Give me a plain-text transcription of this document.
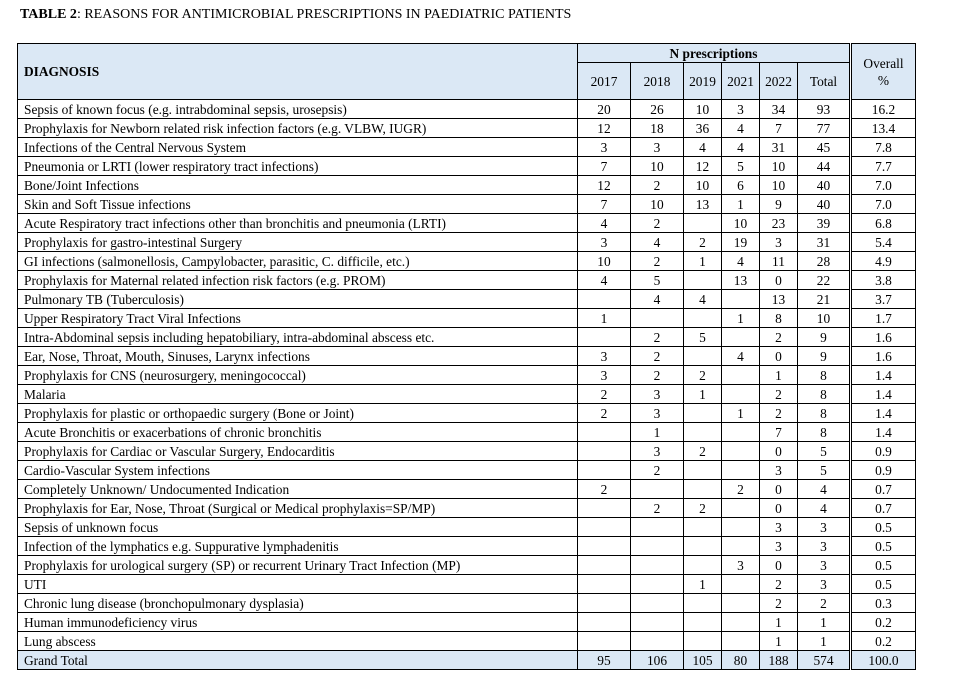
TABLE 2: REASONS FOR ANTIMICROBIAL PRESCRIPTIONS IN PAEDIATRIC PATIENTS
DIAGNOSIS	N prescriptions						Overall %
	2017	2018	2019	2021	2022	Total	
Sepsis of known focus (e.g. intrabdominal sepsis, urosepsis)	20	26	10	3	34	93	16.2
Prophylaxis for Newborn related risk infection factors (e.g. VLBW, IUGR)	12	18	36	4	7	77	13.4
Infections of the Central Nervous System	3	3	4	4	31	45	7.8
Pneumonia or LRTI (lower respiratory tract infections)	7	10	12	5	10	44	7.7
Bone/Joint Infections	12	2	10	6	10	40	7.0
Skin and Soft Tissue infections	7	10	13	1	9	40	7.0
Acute Respiratory tract infections other than bronchitis and pneumonia (LRTI)	4	2		10	23	39	6.8
Prophylaxis for gastro-intestinal Surgery	3	4	2	19	3	31	5.4
GI infections (salmonellosis, Campylobacter, parasitic, C. difficile, etc.)	10	2	1	4	11	28	4.9
Prophylaxis for Maternal related infection risk factors (e.g. PROM)	4	5		13	0	22	3.8
Pulmonary TB (Tuberculosis)		4	4		13	21	3.7
Upper Respiratory Tract Viral Infections	1			1	8	10	1.7
Intra-Abdominal sepsis including hepatobiliary, intra-abdominal abscess etc.		2	5		2	9	1.6
Ear, Nose, Throat, Mouth, Sinuses, Larynx infections	3	2		4	0	9	1.6
Prophylaxis for CNS (neurosurgery, meningococcal)	3	2	2		1	8	1.4
Malaria	2	3	1		2	8	1.4
Prophylaxis for plastic or orthopaedic surgery (Bone or Joint)	2	3		1	2	8	1.4
Acute Bronchitis or exacerbations of chronic bronchitis		1			7	8	1.4
Prophylaxis for Cardiac or Vascular Surgery, Endocarditis		3	2		0	5	0.9
Cardio-Vascular System infections		2			3	5	0.9
Completely Unknown/ Undocumented Indication	2			2	0	4	0.7
Prophylaxis for Ear, Nose, Throat (Surgical or Medical prophylaxis=SP/MP)		2	2		0	4	0.7
Sepsis of unknown focus					3	3	0.5
Infection of the lymphatics e.g. Suppurative lymphadenitis					3	3	0.5
Prophylaxis for urological surgery (SP) or recurrent Urinary Tract Infection (MP)				3	0	3	0.5
UTI			1		2	3	0.5
Chronic lung disease (bronchopulmonary dysplasia)					2	2	0.3
Human immunodeficiency virus					1	1	0.2
Lung abscess					1	1	0.2
Grand Total	95	106	105	80	188	574	100.0
